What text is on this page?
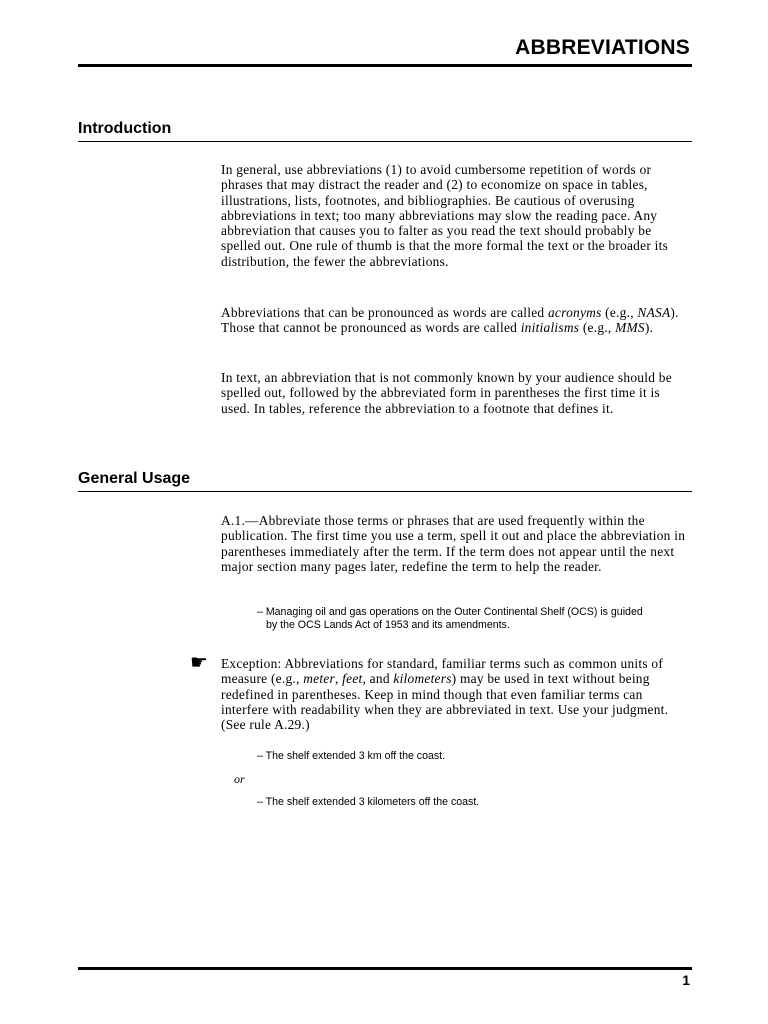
ABBREVIATIONS
Introduction

In general, use abbreviations (1) to avoid cumbersome repetition of words or phrases that may distract the reader and (2) to economize on space in tables, illustrations, lists, footnotes, and bibliographies. Be cautious of overusing abbreviations in text; too many abbreviations may slow the reading pace. Any abbreviation that causes you to falter as you read the text should probably be spelled out. One rule of thumb is that the more formal the text or the broader its distribution, the fewer the abbreviations.

Abbreviations that can be pronounced as words are called acronyms (e.g., NASA). Those that cannot be pronounced as words are called initialisms (e.g., MMS).

In text, an abbreviation that is not commonly known by your audience should be spelled out, followed by the abbreviated form in parentheses the first time it is used. In tables, reference the abbreviation to a footnote that defines it.

General Usage

A.1.—Abbreviate those terms or phrases that are used frequently within the publication. The first time you use a term, spell it out and place the abbreviation in parentheses immediately after the term. If the term does not appear until the next major section many pages later, redefine the term to help the reader.

– Managing oil and gas operations on the Outer Continental Shelf (OCS) is guided
by the OCS Lands Act of 1953 and its amendments.
☛ Exception: Abbreviations for standard, familiar terms such as common units of measure (e.g., meter, feet, and kilometers) may be used in text without being redefined in parentheses. Keep in mind though that even familiar terms can interfere with readability when they are abbreviated in text. Use your judgment. (See rule A.29.)

– The shelf extended 3 km off the coast.

or

– The shelf extended 3 kilometers off the coast.

1
